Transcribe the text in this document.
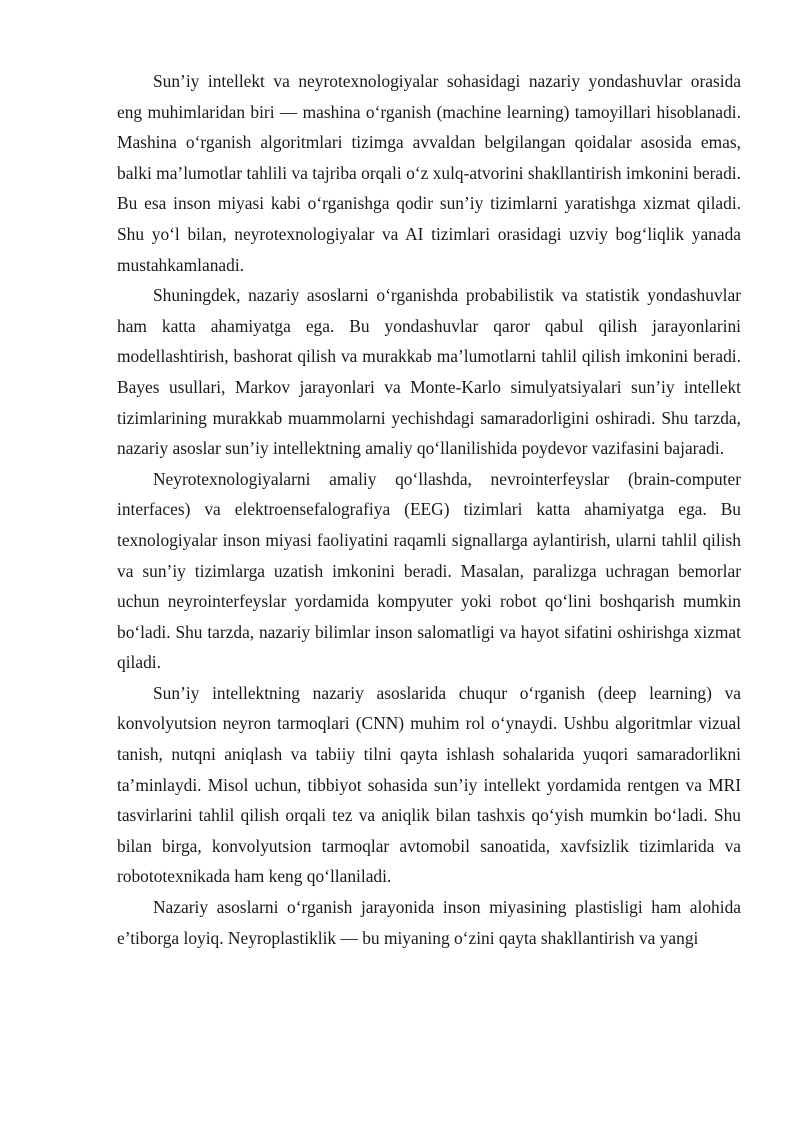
Sun’iy intellekt va neyrotexnologiyalar sohasidagi nazariy yondashuvlar orasida eng muhimlaridan biri — mashina o‘rganish (machine learning) tamoyillari hisoblanadi. Mashina o‘rganish algoritmlari tizimga avvaldan belgilangan qoidalar asosida emas, balki ma’lumotlar tahlili va tajriba orqali o‘z xulq-atvorini shakllantirish imkonini beradi. Bu esa inson miyasi kabi o‘rganishga qodir sun’iy tizimlarni yaratishga xizmat qiladi. Shu yo‘l bilan, neyrotexnologiyalar va AI tizimlari orasidagi uzviy bog‘liqlik yanada mustahkamlanadi.

Shuningdek, nazariy asoslarni o‘rganishda probabilistik va statistik yondashuvlar ham katta ahamiyatga ega. Bu yondashuvlar qaror qabul qilish jarayonlarini modellashtirish, bashorat qilish va murakkab ma’lumotlarni tahlil qilish imkonini beradi. Bayes usullari, Markov jarayonlari va Monte-Karlo simulyatsiyalari sun’iy intellekt tizimlarining murakkab muammolarni yechishdagi samaradorligini oshiradi. Shu tarzda, nazariy asoslar sun’iy intellektning amaliy qo‘llanilishida poydevor vazifasini bajaradi.

Neyrotexnologiyalarni amaliy qo‘llashda, nevrointerfeyslar (brain-computer interfaces) va elektroensefalografiya (EEG) tizimlari katta ahamiyatga ega. Bu texnologiyalar inson miyasi faoliyatini raqamli signallarga aylantirish, ularni tahlil qilish va sun’iy tizimlarga uzatish imkonini beradi. Masalan, paralizga uchragan bemorlar uchun neyrointerfeyslar yordamida kompyuter yoki robot qo‘lini boshqarish mumkin bo‘ladi. Shu tarzda, nazariy bilimlar inson salomatligi va hayot sifatini oshirishga xizmat qiladi.

Sun’iy intellektning nazariy asoslarida chuqur o‘rganish (deep learning) va konvolyutsion neyron tarmoqlari (CNN) muhim rol o‘ynaydi. Ushbu algoritmlar vizual tanish, nutqni aniqlash va tabiiy tilni qayta ishlash sohalarida yuqori samaradorlikni ta’minlaydi. Misol uchun, tibbiyot sohasida sun’iy intellekt yordamida rentgen va MRI tasvirlarini tahlil qilish orqali tez va aniqlik bilan tashxis qo‘yish mumkin bo‘ladi. Shu bilan birga, konvolyutsion tarmoqlar avtomobil sanoatida, xavfsizlik tizimlarida va robototexnikada ham keng qo‘llaniladi.

Nazariy asoslarni o‘rganish jarayonida inson miyasining plastisligi ham alohida e’tiborga loyiq. Neyroplastiklik — bu miyaning o‘zini qayta shakllantirish va yangi
